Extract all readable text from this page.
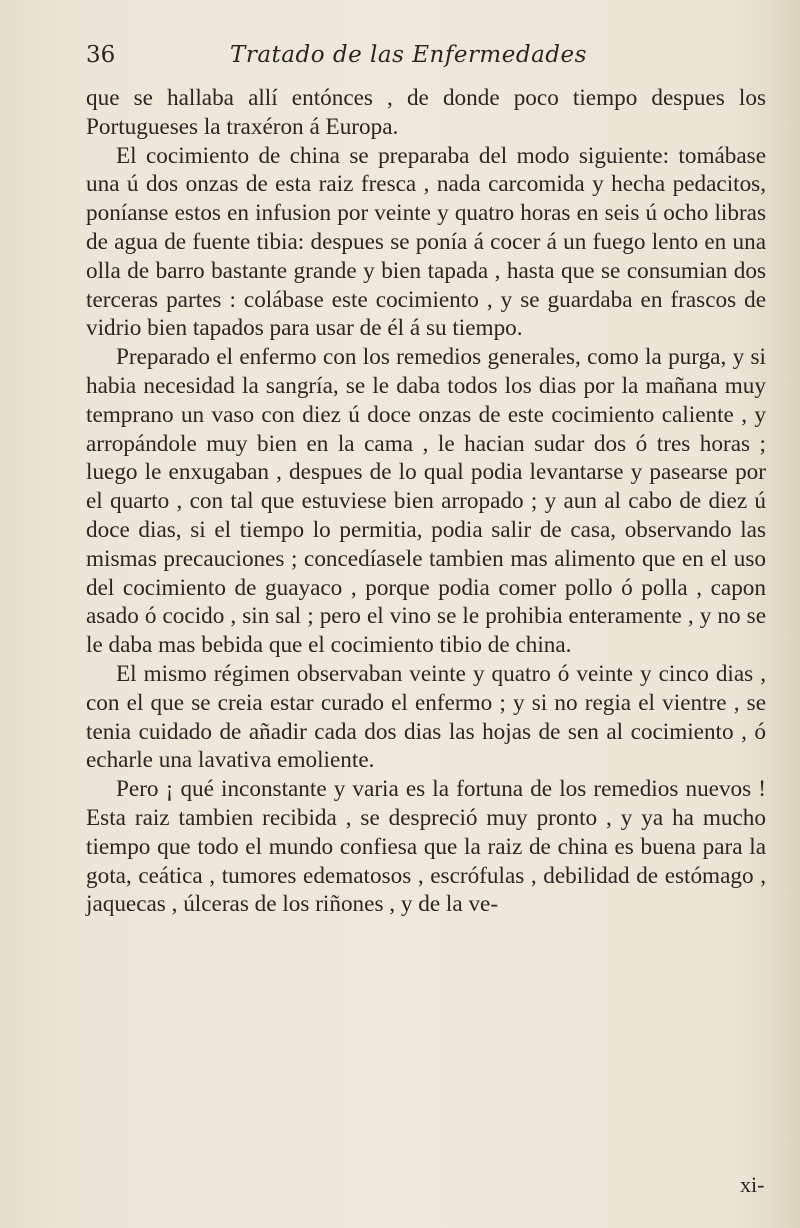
36	Tratado de las Enfermedades

que se hallaba allí entónces , de donde poco tiempo despues los Portugueses la traxéron á Europa.

El cocimiento de china se preparaba del modo siguiente: tomábase una ú dos onzas de esta raiz fresca , nada carcomida y hecha pedacitos, poníanse estos en infusion por veinte y quatro horas en seis ú ocho libras de agua de fuente tibia: despues se ponía á cocer á un fuego lento en una olla de barro bastante grande y bien tapada , hasta que se consumian dos terceras partes : colábase este cocimiento , y se guardaba en frascos de vidrio bien tapados para usar de él á su tiempo.

Preparado el enfermo con los remedios generales, como la purga, y si habia necesidad la sangría, se le daba todos los dias por la mañana muy temprano un vaso con diez ú doce onzas de este cocimiento caliente , y arropándole muy bien en la cama , le hacian sudar dos ó tres horas ; luego le enxugaban , despues de lo qual podia levantarse y pasearse por el quarto , con tal que estuviese bien arropado ; y aun al cabo de diez ú doce dias, si el tiempo lo permitia, podia salir de casa, observando las mismas precauciones ; concedíasele tambien mas alimento que en el uso del cocimiento de guayaco , porque podia comer pollo ó polla , capon asado ó cocido , sin sal ; pero el vino se le prohibia enteramente , y no se le daba mas bebida que el cocimiento tibio de china.

El mismo régimen observaban veinte y quatro ó veinte y cinco dias , con el que se creia estar curado el enfermo ; y si no regia el vientre , se tenia cuidado de añadir cada dos dias las hojas de sen al cocimiento , ó echarle una lavativa emoliente.

Pero ¡ qué inconstante y varia es la fortuna de los remedios nuevos ! Esta raiz tambien recibida , se despreció muy pronto , y ya ha mucho tiempo que todo el mundo confiesa que la raiz de china es buena para la gota, ceática , tumores edematosos , escrófulas , debilidad de estómago , jaquecas , úlceras de los riñones , y de la ve-

xi-
